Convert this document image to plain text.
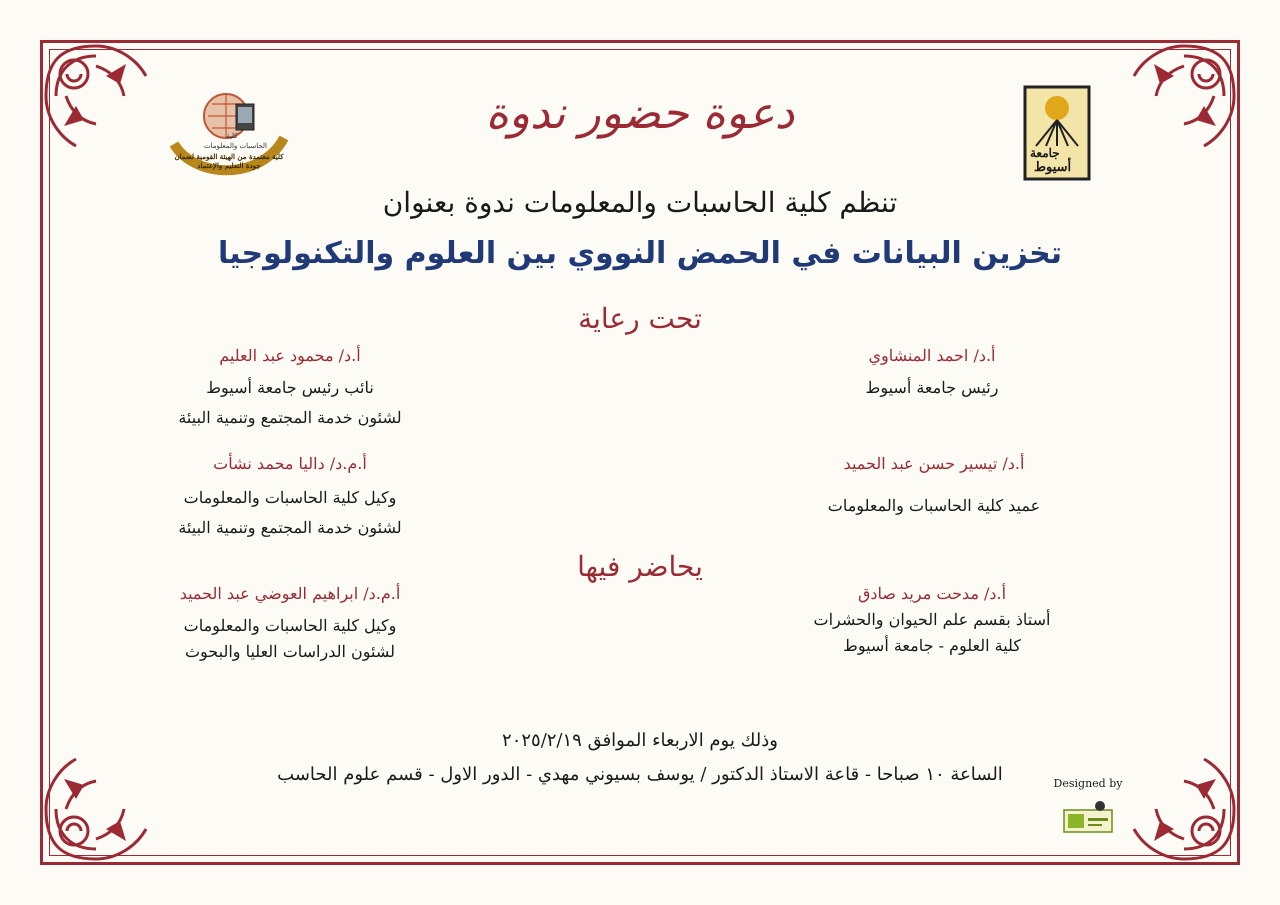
كلية
الحاسبات والمعلومات
كلية معتمدة من الهيئة القومية لضمان جودة التعليم والإعتماد
جامعة
أسيوط
دعوة حضور ندوة
تنظم كلية الحاسبات والمعلومات ندوة بعنوان
تخزين البيانات في الحمض النووي بين العلوم والتكنولوجيا
تحت رعاية
أ.د/ احمد المنشاوي
رئيس جامعة أسيوط
أ.د/ محمود عبد العليم
نائب رئيس جامعة أسيوط
لشئون خدمة المجتمع وتنمية البيئة
أ.د/ تيسير حسن عبد الحميد
عميد كلية الحاسبات والمعلومات
أ.م.د/ داليا محمد نشأت
وكيل كلية الحاسبات والمعلومات
لشئون خدمة المجتمع وتنمية البيئة
يحاضر فيها
أ.د/ مدحت مريد صادق
أستاذ بقسم علم الحيوان والحشرات
كلية العلوم - جامعة أسيوط
أ.م.د/ ابراهيم العوضي عبد الحميد
وكيل كلية الحاسبات والمعلومات
لشئون الدراسات العليا والبحوث
وذلك يوم الاربعاء الموافق ٢٠٢٥/٢/١٩
الساعة ١٠ صباحا - قاعة الاستاذ الدكتور / يوسف بسيوني مهدي - الدور الاول - قسم علوم الحاسب	Designed by
